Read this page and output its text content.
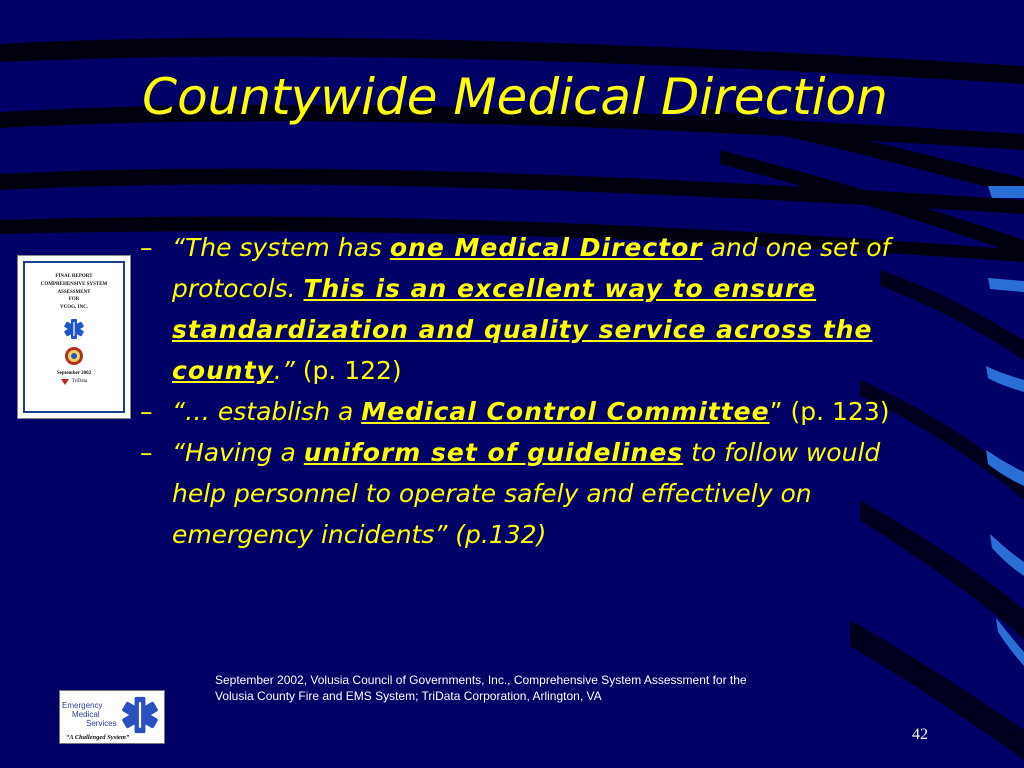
Countywide Medical Direction
FINAL REPORT
COMPREHENSIVE SYSTEM
ASSESSMENT
FOR
VCOG, INC.
September 2002
TriData
– “The system has one Medical Director and one set of protocols. This is an excellent way to ensure standardization and quality service across the county.” (p. 122)
– “… establish a Medical Control Committee” (p. 123)
– “Having a uniform set of guidelines to follow would help personnel to operate safely and effectively on emergency incidents” (p.132)
September 2002, Volusia Council of Governments, Inc., Comprehensive System Assessment for the
Volusia County Fire and EMS System; TriData Corporation, Arlington, VA
Emergency
Medical
Services
“A Challenged System”	42
